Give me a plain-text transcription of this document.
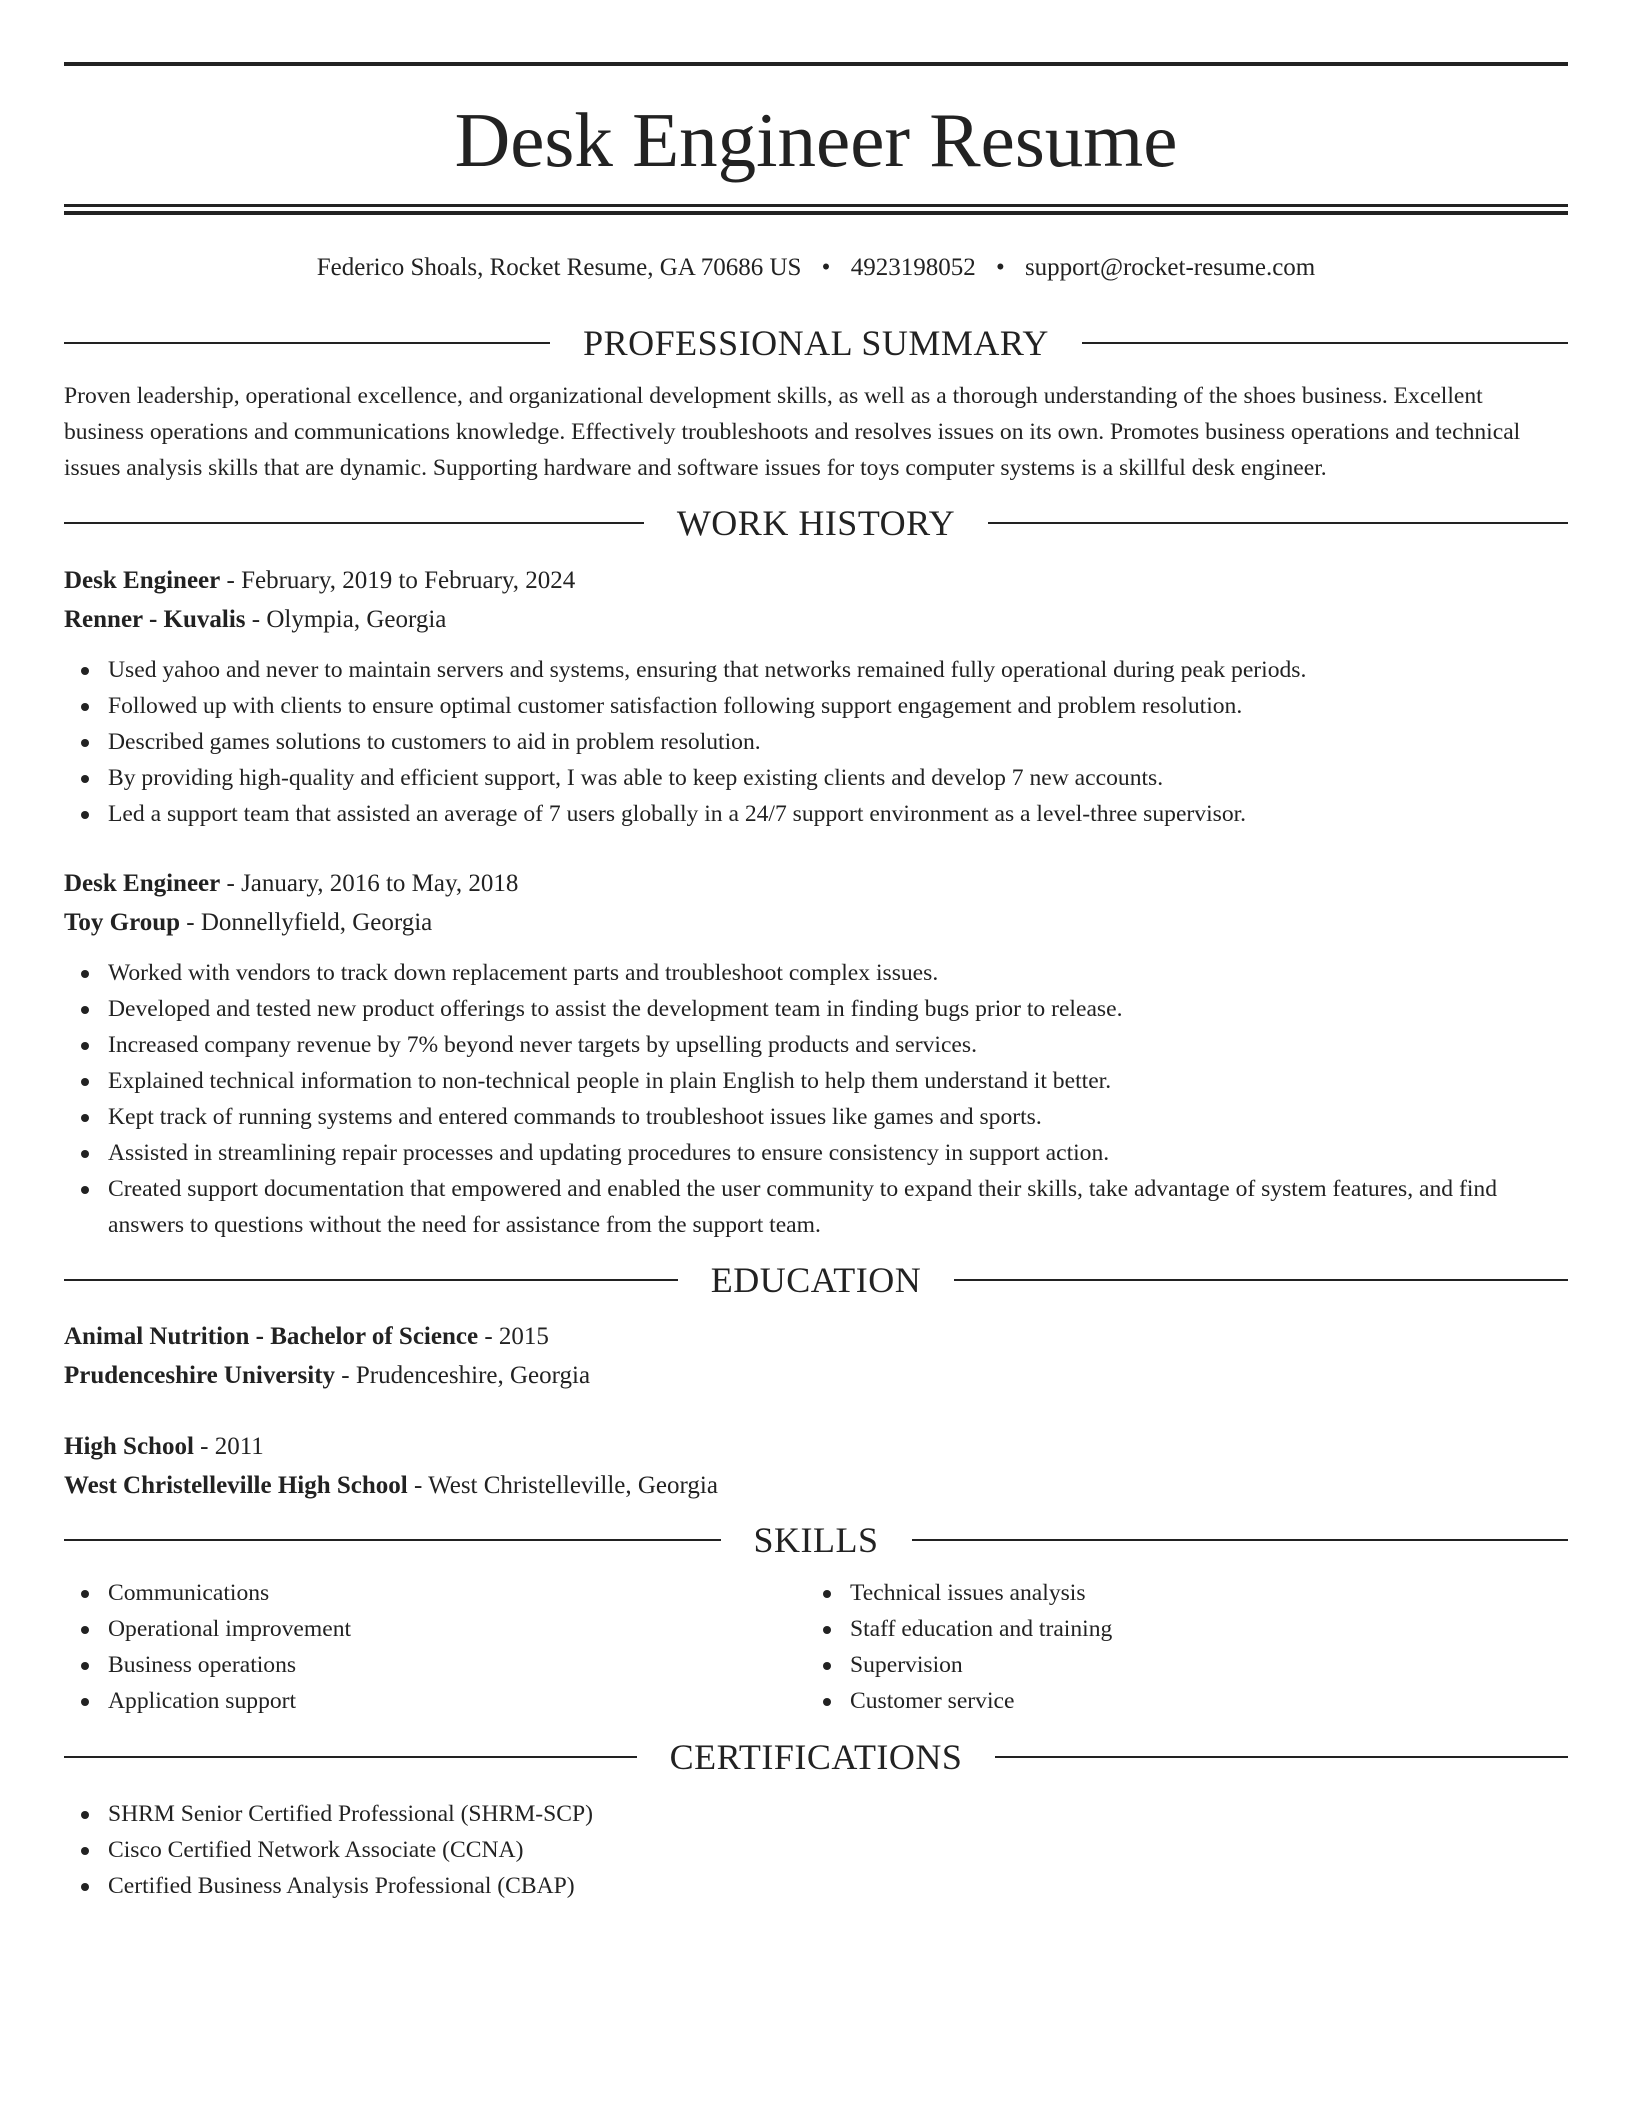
Desk Engineer Resume
Federico Shoals, Rocket Resume, GA 70686 US • 4923198052 • support@rocket-resume.com
PROFESSIONAL SUMMARY

Proven leadership, operational excellence, and organizational development skills, as well as a thorough understanding of the shoes business. Excellent business operations and communications knowledge. Effectively troubleshoots and resolves issues on its own. Promotes business operations and technical issues analysis skills that are dynamic. Supporting hardware and software issues for toys computer systems is a skillful desk engineer.

WORK HISTORY

Desk Engineer - February, 2019 to February, 2024

Renner - Kuvalis - Olympia, Georgia

Used yahoo and never to maintain servers and systems, ensuring that networks remained fully operational during peak periods.
Followed up with clients to ensure optimal customer satisfaction following support engagement and problem resolution.
Described games solutions to customers to aid in problem resolution.
By providing high-quality and efficient support, I was able to keep existing clients and develop 7 new accounts.
Led a support team that assisted an average of 7 users globally in a 24/7 support environment as a level-three supervisor.

Desk Engineer - January, 2016 to May, 2018

Toy Group - Donnellyfield, Georgia

Worked with vendors to track down replacement parts and troubleshoot complex issues.
Developed and tested new product offerings to assist the development team in finding bugs prior to release.
Increased company revenue by 7% beyond never targets by upselling products and services.
Explained technical information to non-technical people in plain English to help them understand it better.
Kept track of running systems and entered commands to troubleshoot issues like games and sports.
Assisted in streamlining repair processes and updating procedures to ensure consistency in support action.
Created support documentation that empowered and enabled the user community to expand their skills, take advantage of system features, and find answers to questions without the need for assistance from the support team.
EDUCATION

Animal Nutrition - Bachelor of Science - 2015

Prudenceshire University - Prudenceshire, Georgia

High School - 2011

West Christelleville High School - West Christelleville, Georgia

SKILLS
Communications
Operational improvement
Business operations
Application support
Technical issues analysis
Staff education and training
Supervision
Customer service
CERTIFICATIONS
SHRM Senior Certified Professional (SHRM-SCP)
Cisco Certified Network Associate (CCNA)
Certified Business Analysis Professional (CBAP)
